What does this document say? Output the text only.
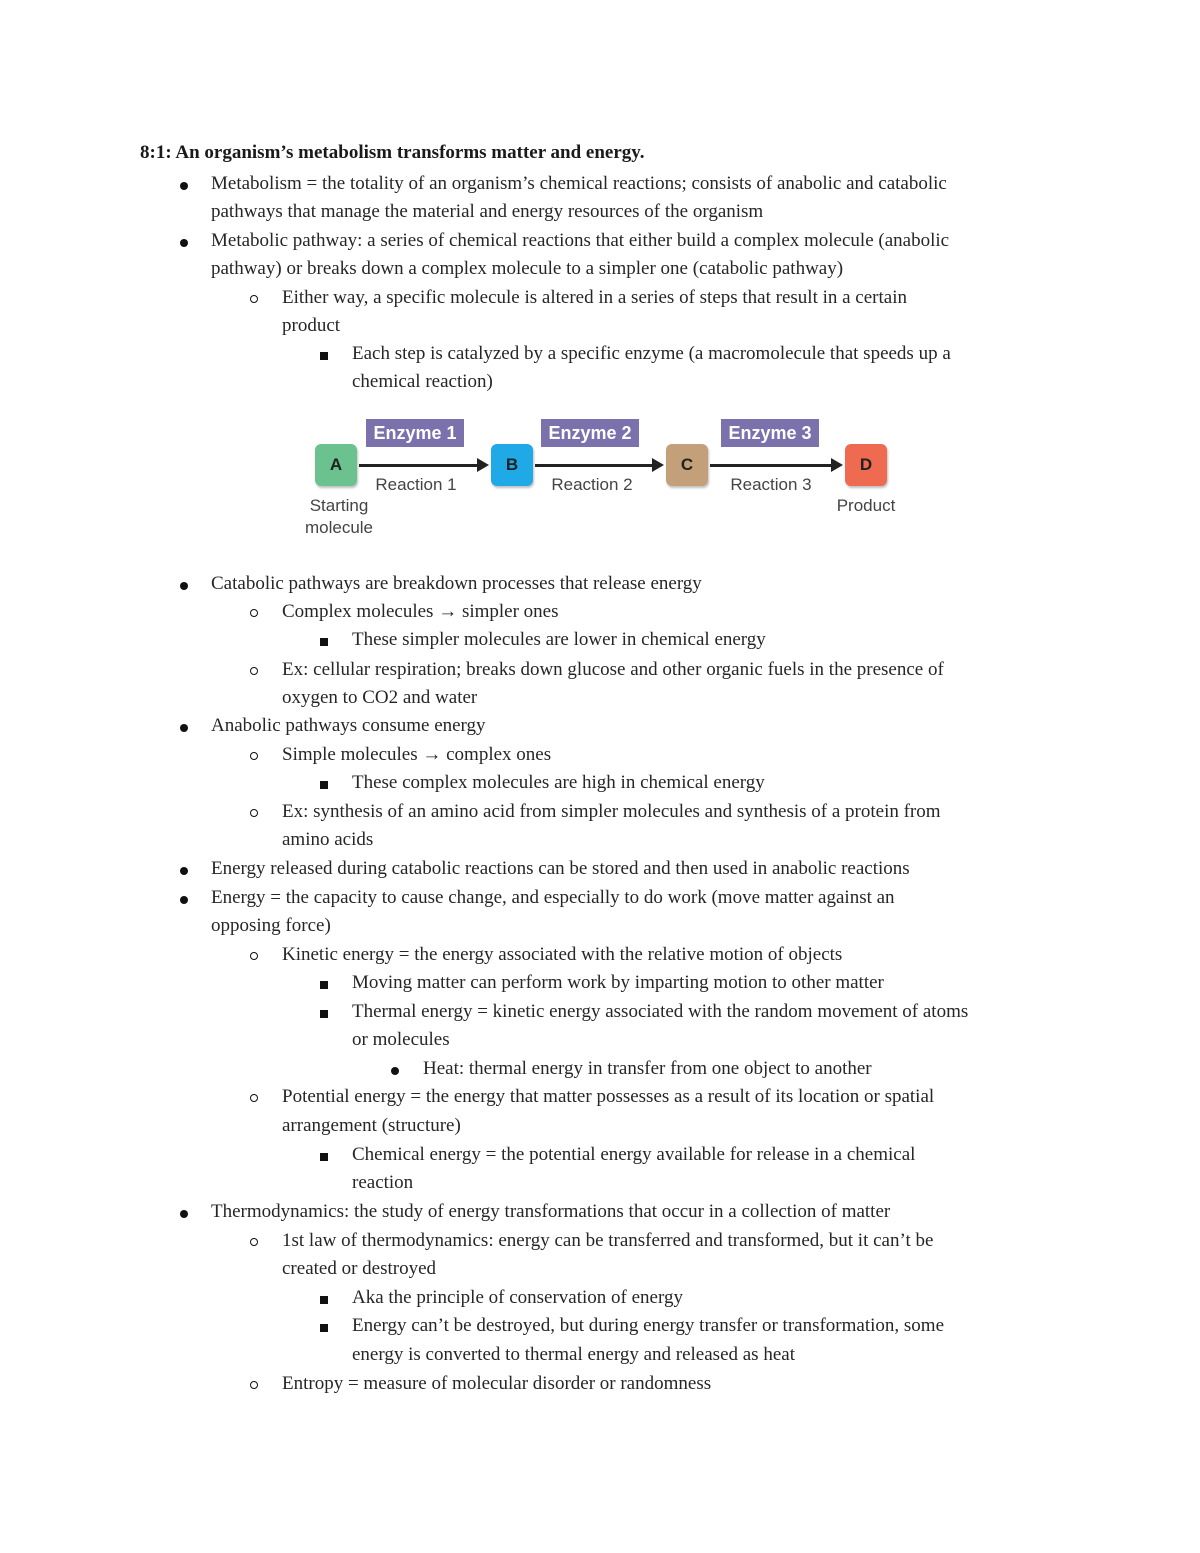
8:1: An organism’s metabolism transforms matter and energy.
Metabolism = the totality of an organism’s chemical reactions; consists of anabolic and catabolic
pathways that manage the material and energy resources of the organism
Metabolic pathway: a series of chemical reactions that either build a complex molecule (anabolic
pathway) or breaks down a complex molecule to a simpler one (catabolic pathway)
Either way, a specific molecule is altered in a series of steps that result in a certain
product
Each step is catalyzed by a specific enzyme (a macromolecule that speeds up a
chemical reaction)
Enzyme 1	Enzyme 2	Enzyme 3
A	B	C	D
Reaction 1	Reaction 2	Reaction 3
Starting
molecule
Product
Catabolic pathways are breakdown processes that release energy
Complex molecules → simpler ones
These simpler molecules are lower in chemical energy
Ex: cellular respiration; breaks down glucose and other organic fuels in the presence of
oxygen to CO2 and water
Anabolic pathways consume energy
Simple molecules → complex ones
These complex molecules are high in chemical energy
Ex: synthesis of an amino acid from simpler molecules and synthesis of a protein from
amino acids
Energy released during catabolic reactions can be stored and then used in anabolic reactions
Energy = the capacity to cause change, and especially to do work (move matter against an
opposing force)
Kinetic energy = the energy associated with the relative motion of objects
Moving matter can perform work by imparting motion to other matter
Thermal energy = kinetic energy associated with the random movement of atoms
or molecules
Heat: thermal energy in transfer from one object to another
Potential energy = the energy that matter possesses as a result of its location or spatial
arrangement (structure)
Chemical energy = the potential energy available for release in a chemical
reaction
Thermodynamics: the study of energy transformations that occur in a collection of matter
1st law of thermodynamics: energy can be transferred and transformed, but it can’t be
created or destroyed
Aka the principle of conservation of energy
Energy can’t be destroyed, but during energy transfer or transformation, some
energy is converted to thermal energy and released as heat
Entropy = measure of molecular disorder or randomness
